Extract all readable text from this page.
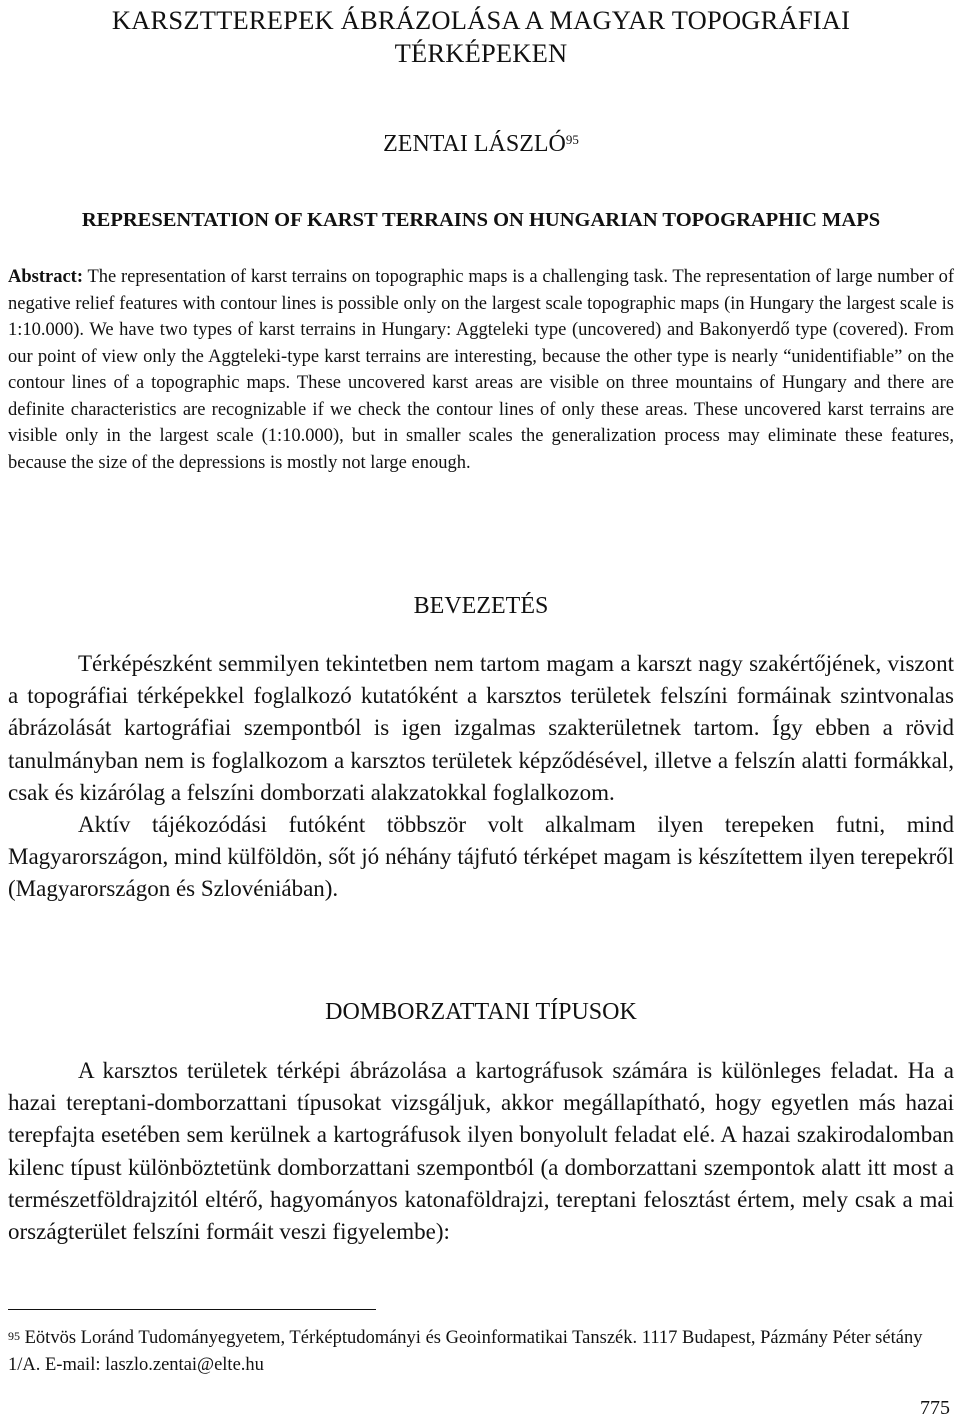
KARSZTTEREPEK ÁBRÁZOLÁSA A MAGYAR TOPOGRÁFIAI
TÉRKÉPEKEN
ZENTAI LÁSZLÓ$^{95}$
REPRESENTATION OF KARST TERRAINS ON HUNGARIAN TOPOGRAPHIC MAPS

Abstract: The representation of karst terrains on topographic maps is a challenging task. The representation of large number of negative relief features with contour lines is possible only on the largest scale topographic maps (in Hungary the largest scale is 1:10.000). We have two types of karst terrains in Hungary: Aggteleki type (uncovered) and Bakonyerdő type (covered). From our point of view only the Aggteleki-type karst terrains are interesting, because the other type is nearly “unidentifiable” on the contour lines of a topographic maps. These uncovered karst areas are visible on three mountains of Hungary and there are definite characteristics are recognizable if we check the contour lines of only these areas. These uncovered karst terrains are visible only in the largest scale (1:10.000), but in smaller scales the generalization process may eliminate these features, because the size of the depressions is mostly not large enough.

BEVEZETÉS

Térképészként semmilyen tekintetben nem tartom magam a karszt nagy szakértőjének, viszont a topográfiai térképekkel foglalkozó kutatóként a karsztos területek felszíni formáinak szintvonalas ábrázolását kartográfiai szempontból is igen izgalmas szakterületnek tartom. Így ebben a rövid tanulmányban nem is foglalkozom a karsztos területek képződésével, illetve a felszín alatti formákkal, csak és kizárólag a felszíni domborzati alakzatokkal foglalkozom.

Aktív tájékozódási futóként többször volt alkalmam ilyen terepeken futni, mind Magyarországon, mind külföldön, sőt jó néhány tájfutó térképet magam is készítettem ilyen terepekről (Magyarországon és Szlovéniában).

DOMBORZATTANI TÍPUSOK

A karsztos területek térképi ábrázolása a kartográfusok számára is különleges feladat. Ha a hazai tereptani-domborzattani típusokat vizsgáljuk, akkor megállapítható, hogy egyetlen más hazai terepfajta esetében sem kerülnek a kartográfusok ilyen bonyolult feladat elé. A hazai szakirodalomban kilenc típust különböztetünk domborzattani szempontból (a domborzattani szempontok alatt itt most a természetföldrajzitól eltérő, hagyományos katonaföldrajzi, tereptani felosztást értem, mely csak a mai országterület felszíni formáit veszi figyelembe):

$^{95}$ Eötvös Loránd Tudományegyetem, Térképtudományi és Geoinformatikai Tanszék. 1117 Budapest, Pázmány Péter sétány 1/A. E-mail: laszlo.zentai@elte.hu

775
